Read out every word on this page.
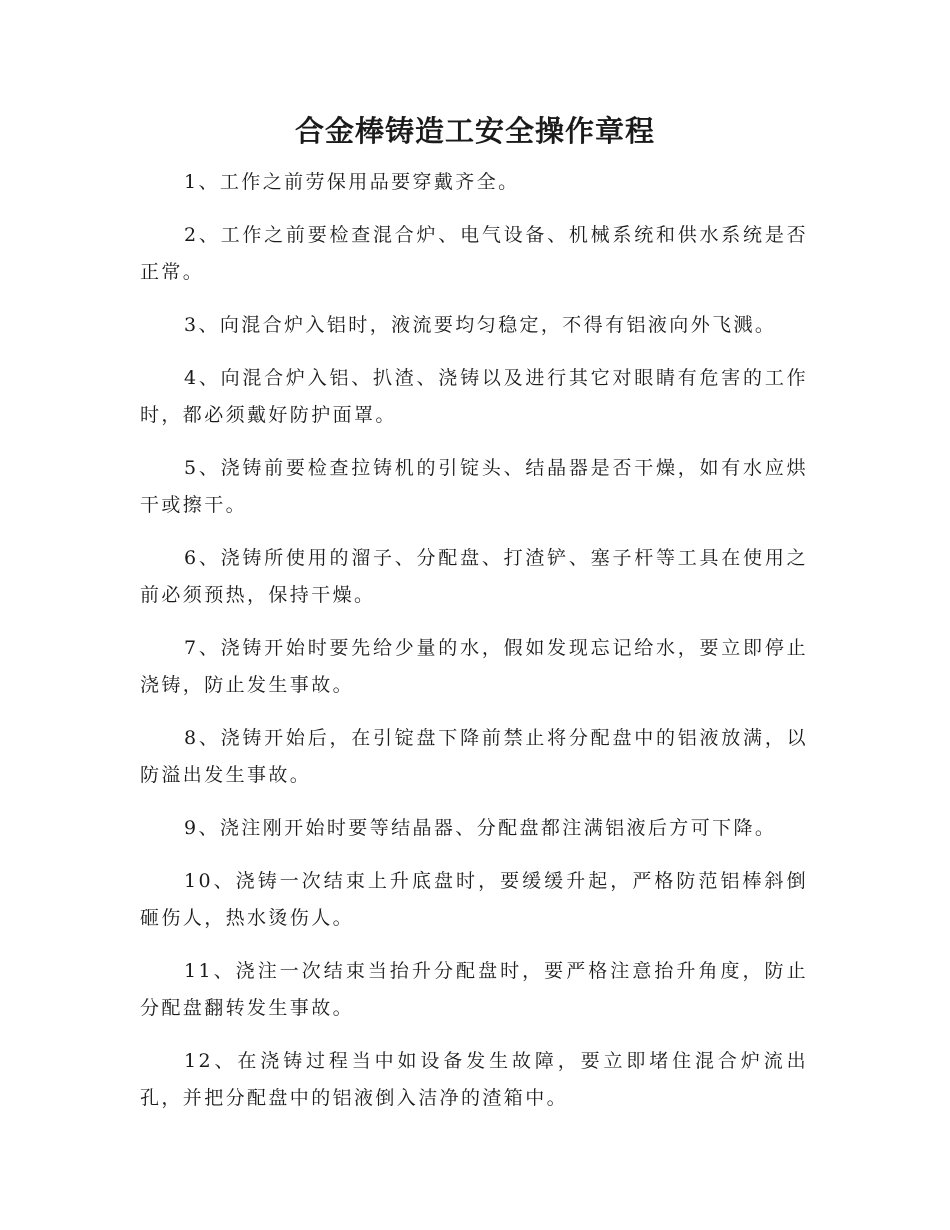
合金棒铸造工安全操作章程

1、工作之前劳保用品要穿戴齐全。

2、工作之前要检查混合炉、电气设备、机械系统和供水系统是否正常。

3、向混合炉入铝时，液流要均匀稳定，不得有铝液向外飞溅。

4、向混合炉入铝、扒渣、浇铸以及进行其它对眼睛有危害的工作时，都必须戴好防护面罩。

5、浇铸前要检查拉铸机的引锭头、结晶器是否干燥，如有水应烘干或擦干。

6、浇铸所使用的溜子、分配盘、打渣铲、塞子杆等工具在使用之前必须预热，保持干燥。

7、浇铸开始时要先给少量的水，假如发现忘记给水，要立即停止浇铸，防止发生事故。

8、浇铸开始后，在引锭盘下降前禁止将分配盘中的铝液放满，以防溢出发生事故。

9、浇注刚开始时要等结晶器、分配盘都注满铝液后方可下降。

10、浇铸一次结束上升底盘时，要缓缓升起，严格防范铝棒斜倒砸伤人，热水烫伤人。

11、浇注一次结束当抬升分配盘时，要严格注意抬升角度，防止分配盘翻转发生事故。

12、在浇铸过程当中如设备发生故障，要立即堵住混合炉流出孔，并把分配盘中的铝液倒入洁净的渣箱中。
